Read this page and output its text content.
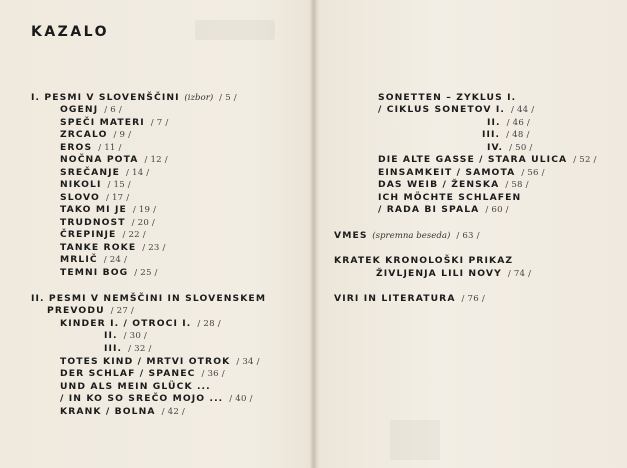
KAZALO
I. PESMI V SLOVENŠČINI (izbor) / 5 /
OGENJ / 6 /
SPEČI MATERI / 7 /
ZRCALO / 9 /
EROS / 11 /
NOČNA POTA / 12 /
SREČANJE / 14 /
NIKOLI / 15 /
SLOVO / 17 /
TAKO MI JE / 19 /
TRUDNOST / 20 /
ČREPINJE / 22 /
TANKE ROKE / 23 /
MRLIČ / 24 /
TEMNI BOG / 25 /
II. PESMI V NEMŠČINI IN SLOVENSKEM
PREVODU / 27 /
KINDER I. / OTROCI I. / 28 /
II. / 30 /
III. / 32 /
TOTES KIND / MRTVI OTROK / 34 /
DER SCHLAF / SPANEC / 36 /
UND ALS MEIN GLÜCK ...
/ IN KO SO SREČO MOJO ... / 40 /
KRANK / BOLNA / 42 /
SONETTEN – ZYKLUS I.
/ CIKLUS SONETOV I. / 44 /
II. / 46 /
III. / 48 /
IV. / 50 /
DIE ALTE GASSE / STARA ULICA / 52 /
EINSAMKEIT / SAMOTA / 56 /
DAS WEIB / ŽENSKA / 58 /
ICH MÖCHTE SCHLAFEN
/ RADA BI SPALA / 60 /
VMES (spremna beseda) / 63 /
KRATEK KRONOLOŠKI PRIKAZ
ŽIVLJENJA LILI NOVY / 74 /
VIRI IN LITERATURA / 76 /
